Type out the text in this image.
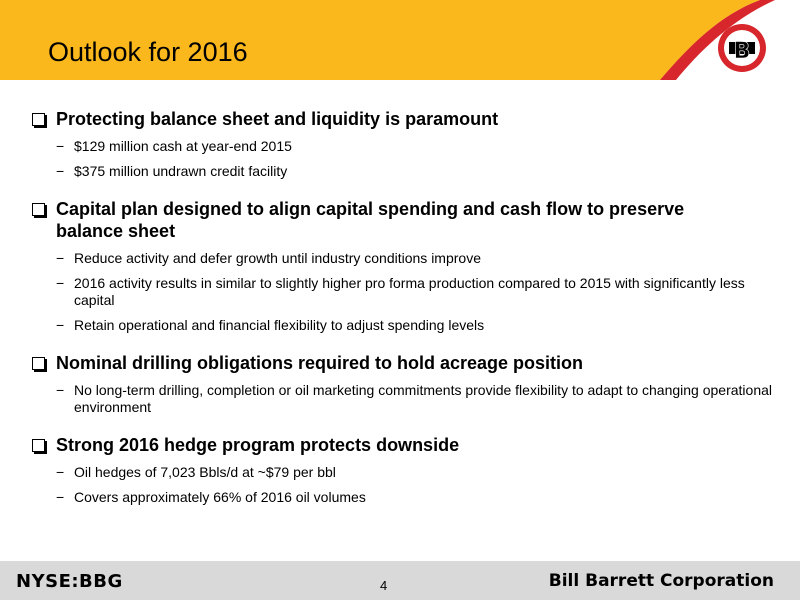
Outlook for 2016	B
Protecting balance sheet and liquidity is paramount
− $129 million cash at year-end 2015
− $375 million undrawn credit facility
Capital plan designed to align capital spending and cash flow to preserve balance sheet
− Reduce activity and defer growth until industry conditions improve
− 2016 activity results in similar to slightly higher pro forma production compared to 2015 with significantly less capital
− Retain operational and financial flexibility to adjust spending levels
Nominal drilling obligations required to hold acreage position
− No long-term drilling, completion or oil marketing commitments provide flexibility to adapt to changing operational environment
Strong 2016 hedge program protects downside
− Oil hedges of 7,023 Bbls/d at ~$79 per bbl
− Covers approximately 66% of 2016 oil volumes
NYSE:BBG	4	Bill Barrett Corporation
